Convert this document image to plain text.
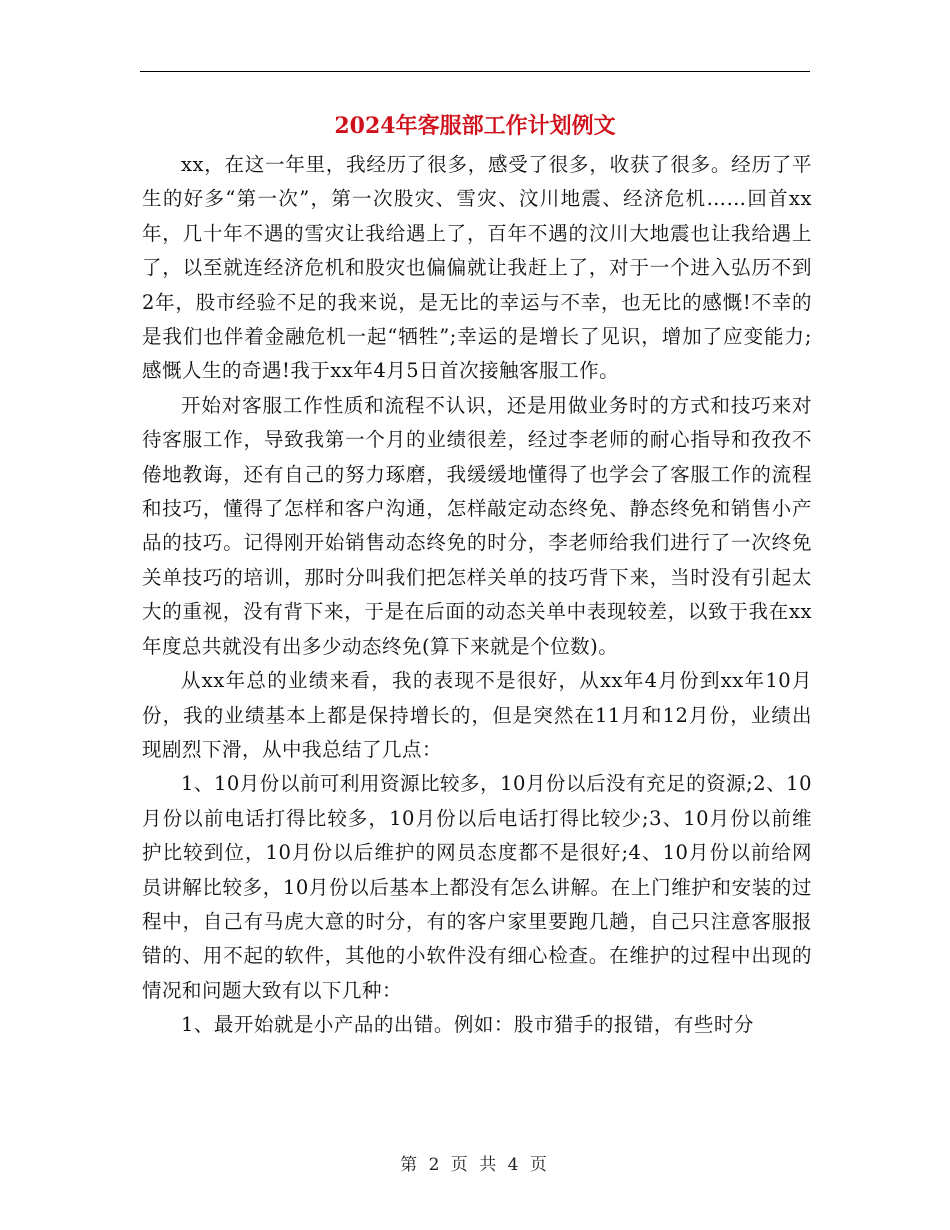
2024年客服部工作计划例文

xx，在这一年里，我经历了很多，感受了很多，收获了很多。经历了平生的好多“第一次”，第一次股灾、雪灾、汶川地震、经济危机……回首xx年，几十年不遇的雪灾让我给遇上了，百年不遇的汶川大地震也让我给遇上了，以至就连经济危机和股灾也偏偏就让我赶上了，对于一个进入弘历不到2年，股市经验不足的我来说，是无比的幸运与不幸，也无比的感慨!不幸的是我们也伴着金融危机一起“牺牲”;幸运的是增长了见识，增加了应变能力;感慨人生的奇遇!我于xx年4月5日首次接触客服工作。

开始对客服工作性质和流程不认识，还是用做业务时的方式和技巧来对待客服工作，导致我第一个月的业绩很差，经过李老师的耐心指导和孜孜不倦地教诲，还有自己的努力琢磨，我缓缓地懂得了也学会了客服工作的流程和技巧，懂得了怎样和客户沟通，怎样敲定动态终免、静态终免和销售小产品的技巧。记得刚开始销售动态终免的时分，李老师给我们进行了一次终免关单技巧的培训，那时分叫我们把怎样关单的技巧背下来，当时没有引起太大的重视，没有背下来，于是在后面的动态关单中表现较差，以致于我在xx年度总共就没有出多少动态终免(算下来就是个位数)。

从xx年总的业绩来看，我的表现不是很好，从xx年4月份到xx年10月份，我的业绩基本上都是保持增长的，但是突然在11月和12月份，业绩出现剧烈下滑，从中我总结了几点：

1、10月份以前可利用资源比较多，10月份以后没有充足的资源;2、10月份以前电话打得比较多，10月份以后电话打得比较少;3、10月份以前维护比较到位，10月份以后维护的网员态度都不是很好;4、10月份以前给网员讲解比较多，10月份以后基本上都没有怎么讲解。在上门维护和安装的过程中，自己有马虎大意的时分，有的客户家里要跑几趟，自己只注意客服报错的、用不起的软件，其他的小软件没有细心检查。在维护的过程中出现的情况和问题大致有以下几种：

1、最开始就是小产品的出错。例如：股市猎手的报错，有些时分

第 2 页 共 4 页
